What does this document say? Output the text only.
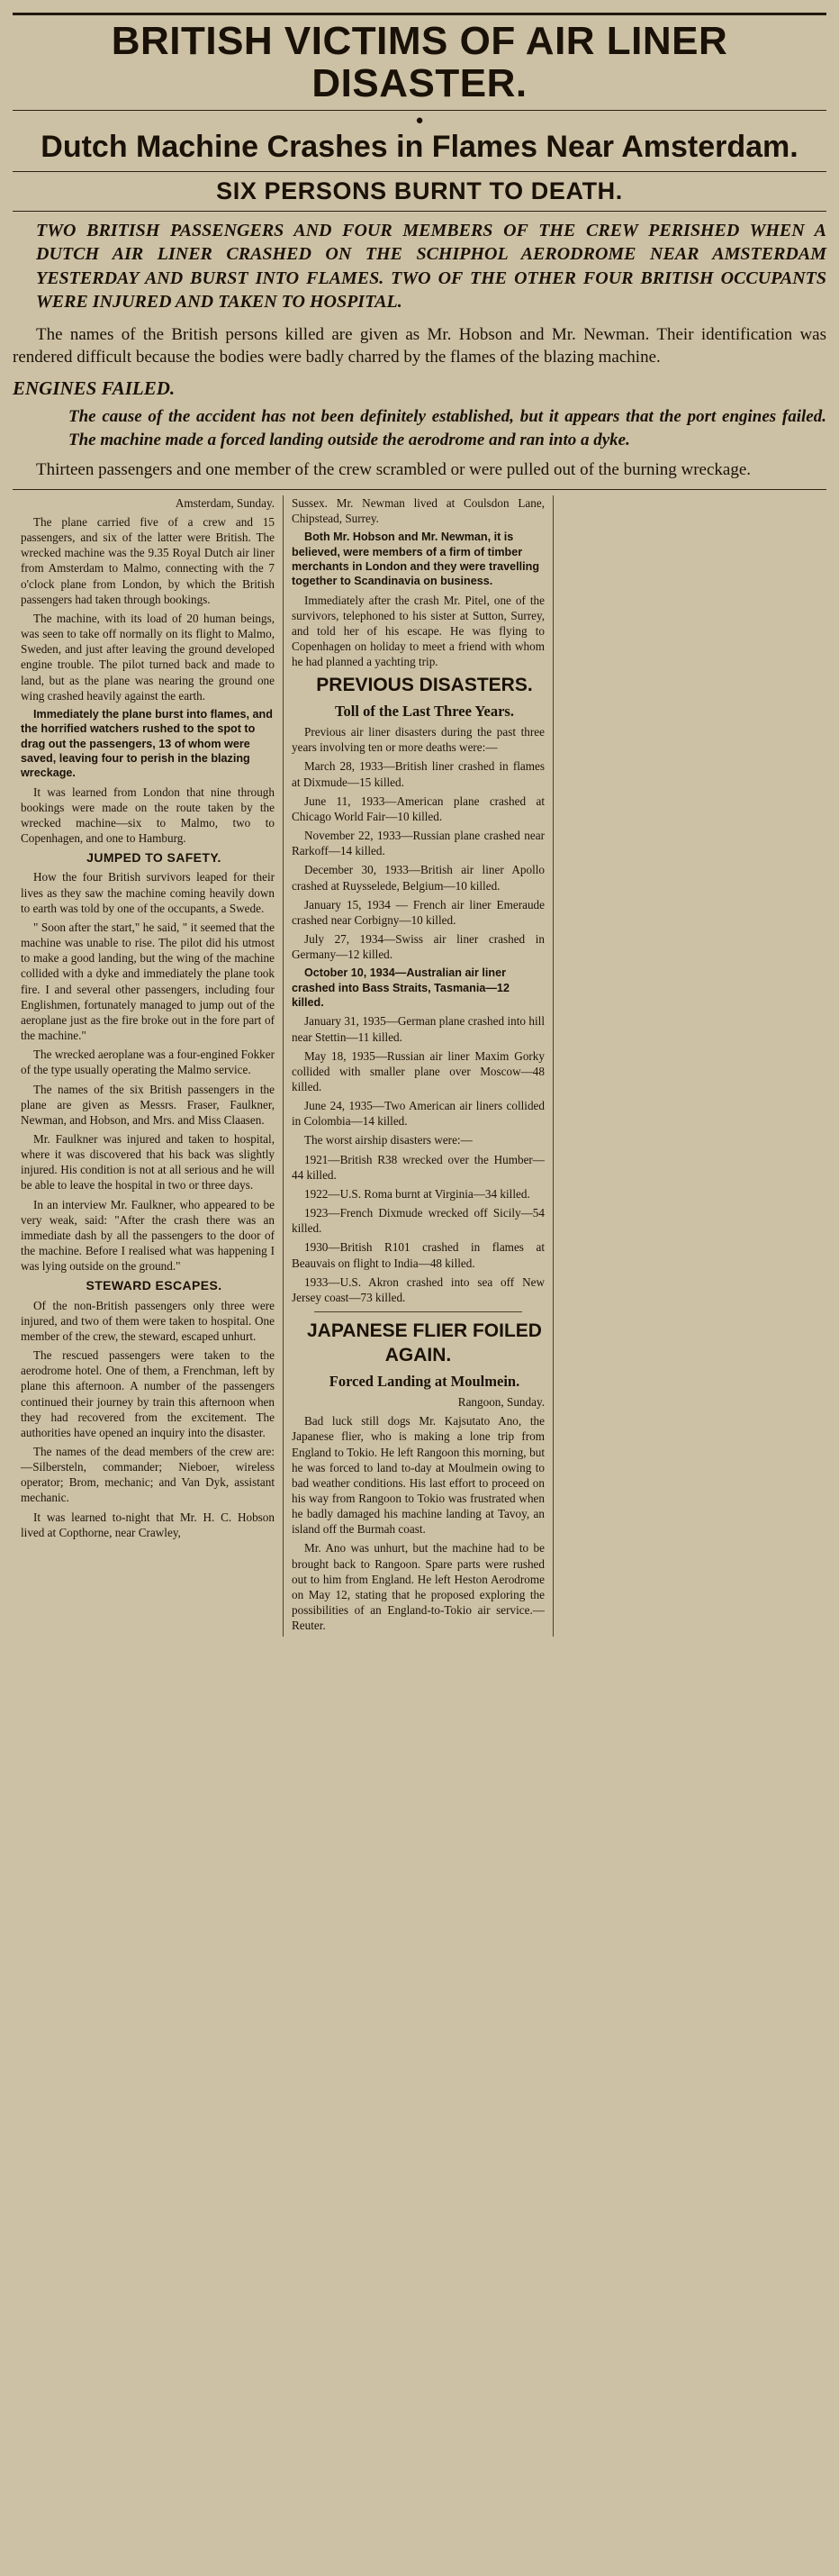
BRITISH VICTIMS OF AIR LINER DISASTER.
●
Dutch Machine Crashes in Flames Near Amsterdam.
SIX PERSONS BURNT TO DEATH.

TWO BRITISH PASSENGERS AND FOUR MEMBERS OF THE CREW PERISHED WHEN A DUTCH AIR LINER CRASHED ON THE SCHIPHOL AERODROME NEAR AMSTERDAM YESTERDAY AND BURST INTO FLAMES. TWO OF THE OTHER FOUR BRITISH OCCUPANTS WERE INJURED AND TAKEN TO HOSPITAL.

The names of the British persons killed are given as Mr. Hobson and Mr. Newman. Their identification was rendered difficult because the bodies were badly charred by the flames of the blazing machine.

ENGINES FAILED.

The cause of the accident has not been definitely established, but it appears that the port engines failed. The machine made a forced landing outside the aerodrome and ran into a dyke.

Thirteen passengers and one member of the crew scrambled or were pulled out of the burning wreckage.

Amsterdam, Sunday.

The plane carried five of a crew and 15 passengers, and six of the latter were British. The wrecked machine was the 9.35 Royal Dutch air liner from Amsterdam to Malmo, connecting with the 7 o'clock plane from London, by which the British passengers had taken through bookings.

The machine, with its load of 20 human beings, was seen to take off normally on its flight to Malmo, Sweden, and just after leaving the ground developed engine trouble. The pilot turned back and made to land, but as the plane was nearing the ground one wing crashed heavily against the earth.

Immediately the plane burst into flames, and the horrified watchers rushed to the spot to drag out the passengers, 13 of whom were saved, leaving four to perish in the blazing wreckage.

It was learned from London that nine through bookings were made on the route taken by the wrecked machine—six to Malmo, two to Copenhagen, and one to Hamburg.

JUMPED TO SAFETY.

How the four British survivors leaped for their lives as they saw the machine coming heavily down to earth was told by one of the occupants, a Swede.

" Soon after the start," he said, " it seemed that the machine was unable to rise. The pilot did his utmost to make a good landing, but the wing of the machine collided with a dyke and immediately the plane took fire. I and several other passengers, including four Englishmen, fortunately managed to jump out of the aeroplane just as the fire broke out in the fore part of the machine."

The wrecked aeroplane was a four-engined Fokker of the type usually operating the Malmo service.

The names of the six British passengers in the plane are given as Messrs. Fraser, Faulkner, Newman, and Hobson, and Mrs. and Miss Claasen.

Mr. Faulkner was injured and taken to hospital, where it was discovered that his back was slightly injured. His condition is not at all serious and he will be able to leave the hospital in two or three days.

In an interview Mr. Faulkner, who appeared to be very weak, said: "After the crash there was an immediate dash by all the passengers to the door of the machine. Before I realised what was happening I was lying outside on the ground."

STEWARD ESCAPES.

Of the non-British passengers only three were injured, and two of them were taken to hospital. One member of the crew, the steward, escaped unhurt.

The rescued passengers were taken to the aerodrome hotel. One of them, a Frenchman, left by plane this afternoon. A number of the passengers continued their journey by train this afternoon when they had recovered from the excitement. The authorities have opened an inquiry into the disaster.

The names of the dead members of the crew are:—Silbersteln, commander; Nieboer, wireless operator; Brom, mechanic; and Van Dyk, assistant mechanic.

It was learned to-night that Mr. H. C. Hobson lived at Copthorne, near Crawley,

Sussex. Mr. Newman lived at Coulsdon Lane, Chipstead, Surrey.

Both Mr. Hobson and Mr. Newman, it is believed, were members of a firm of timber merchants in London and they were travelling together to Scandinavia on business.

Immediately after the crash Mr. Pitel, one of the survivors, telephoned to his sister at Sutton, Surrey, and told her of his escape. He was flying to Copenhagen on holiday to meet a friend with whom he had planned a yachting trip.

PREVIOUS DISASTERS.

Toll of the Last Three Years.

Previous air liner disasters during the past three years involving ten or more deaths were:—

March 28, 1933—British liner crashed in flames at Dixmude—15 killed.

June 11, 1933—American plane crashed at Chicago World Fair—10 killed.

November 22, 1933—Russian plane crashed near Rarkoff—14 killed.

December 30, 1933—British air liner Apollo crashed at Ruysselede, Belgium—10 killed.

January 15, 1934 — French air liner Emeraude crashed near Corbigny—10 killed.

July 27, 1934—Swiss air liner crashed in Germany—12 killed.

October 10, 1934—Australian air liner crashed into Bass Straits, Tasmania—12 killed.

January 31, 1935—German plane crashed into hill near Stettin—11 killed.

May 18, 1935—Russian air liner Maxim Gorky collided with smaller plane over Moscow—48 killed.

June 24, 1935—Two American air liners collided in Colombia—14 killed.

The worst airship disasters were:—

1921—British R38 wrecked over the Humber—44 killed.

1922—U.S. Roma burnt at Virginia—34 killed.

1923—French Dixmude wrecked off Sicily—54 killed.

1930—British R101 crashed in flames at Beauvais on flight to India—48 killed.

1933—U.S. Akron crashed into sea off New Jersey coast—73 killed.

JAPANESE FLIER FOILED AGAIN.

Forced Landing at Moulmein.

Rangoon, Sunday.

Bad luck still dogs Mr. Kajsutato Ano, the Japanese flier, who is making a lone trip from England to Tokio. He left Rangoon this morning, but he was forced to land to-day at Moulmein owing to bad weather conditions. His last effort to proceed on his way from Rangoon to Tokio was frustrated when he badly damaged his machine landing at Tavoy, an island off the Burmah coast.

Mr. Ano was unhurt, but the machine had to be brought back to Rangoon. Spare parts were rushed out to him from England. He left Heston Aerodrome on May 12, stating that he proposed exploring the possibilities of an England-to-Tokio air service.—Reuter.
